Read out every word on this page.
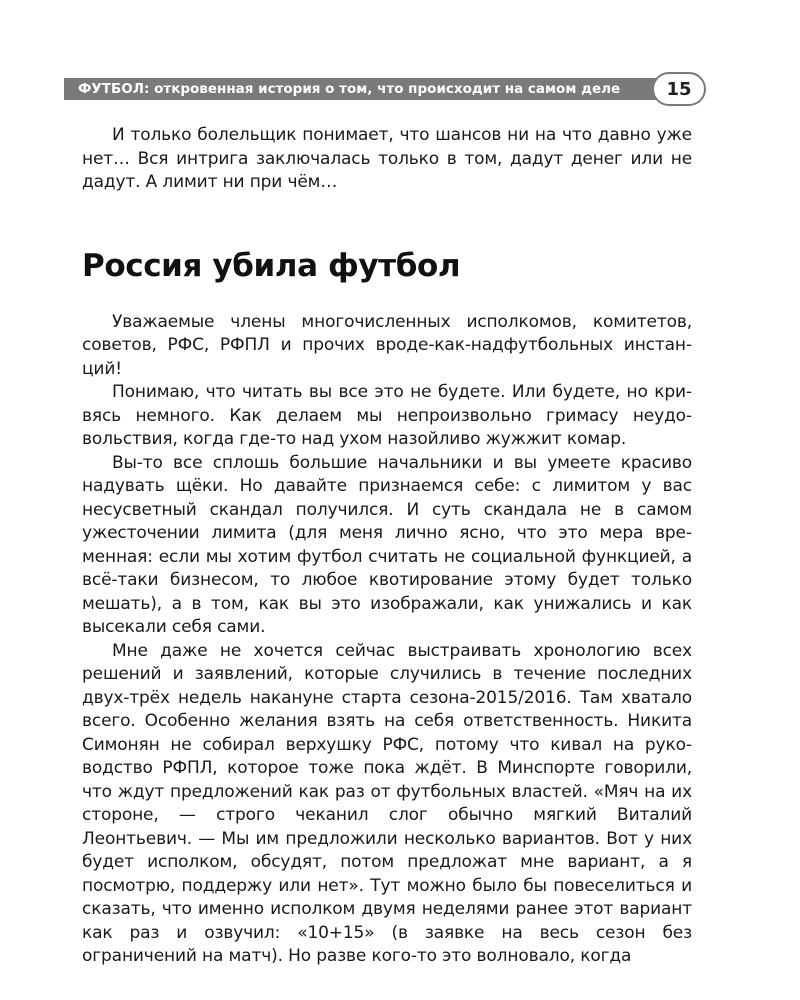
ФУТБОЛ: откровенная история о том, что происходит на самом деле	15

И только болельщик понимает, что шансов ни на что давно уже нет… Вся интрига заключалась только в том, дадут денег или не дадут. А лимит ни при чём…

Россия убила футбол

Уважаемые члены многочисленных исполкомов, комитетов, советов, РФС, РФПЛ и прочих вроде-как-надфутбольных инстанций!

Понимаю, что читать вы все это не будете. Или будете, но кривясь немного. Как делаем мы непроизвольно гримасу неудовольствия, когда где-то над ухом назойливо жужжит комар.

Вы-то все сплошь большие начальники и вы умеете красиво надувать щёки. Но давайте признаемся себе: с лимитом у вас несусветный скандал получился. И суть скандала не в самом ужесточении лимита (для меня лично ясно, что это мера временная: если мы хотим футбол считать не социальной функцией, а всё-таки бизнесом, то любое квотирование этому будет только мешать), а в том, как вы это изображали, как унижались и как высекали себя сами.

Мне даже не хочется сейчас выстраивать хронологию всех решений и заявлений, которые случились в течение последних двух-трёх недель накануне старта сезона-2015/2016. Там хватало всего. Особенно желания взять на себя ответственность. Никита Симонян не собирал верхушку РФС, потому что кивал на руководство РФПЛ, которое тоже пока ждёт. В Минспорте говорили, что ждут предложений как раз от футбольных властей. «Мяч на их стороне, — строго чеканил слог обычно мягкий Виталий Леонтьевич. — Мы им предложили несколько вариантов. Вот у них будет исполком, обсудят, потом предложат мне вариант, а я посмотрю, поддержу или нет». Тут можно было бы повеселиться и сказать, что именно исполком двумя неделями ранее этот вариант как раз и озвучил: «10+15» (в заявке на весь сезон без ограничений на матч). Но разве кого-то это волновало, когда
